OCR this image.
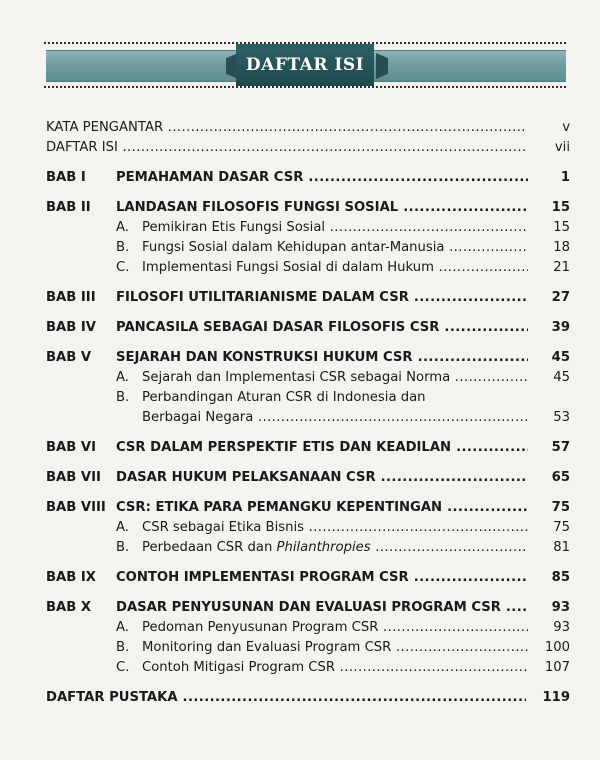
DAFTAR ISI
KATA PENGANTAR .....	v
DAFTAR ISI .....	vii
BAB I PEMAHAMAN DASAR CSR .....	1
BAB II LANDASAN FILOSOFIS FUNGSI SOSIAL .....	15
A. Pemikiran Etis Fungsi Sosial .....	15
B. Fungsi Sosial dalam Kehidupan antar-Manusia .....	18
C. Implementasi Fungsi Sosial di dalam Hukum .....	21
BAB III FILOSOFI UTILITARIANISME DALAM CSR .....	27
BAB IV PANCASILA SEBAGAI DASAR FILOSOFIS CSR .....	39
BAB V SEJARAH DAN KONSTRUKSI HUKUM CSR .....	45
A. Sejarah dan Implementasi CSR sebagai Norma .....	45
B. Perbandingan Aturan CSR di Indonesia dan
Berbagai Negara .....	53
BAB VI CSR DALAM PERSPEKTIF ETIS DAN KEADILAN .....	57
BAB VII DASAR HUKUM PELAKSANAAN CSR .....	65
BAB VIII CSR: ETIKA PARA PEMANGKU KEPENTINGAN .....	75
A. CSR sebagai Etika Bisnis .....	75
B. Perbedaan CSR dan Philanthropies .....	81
BAB IX CONTOH IMPLEMENTASI PROGRAM CSR .....	85
BAB X DASAR PENYUSUNAN DAN EVALUASI PROGRAM CSR .....	93
A. Pedoman Penyusunan Program CSR .....	93
B. Monitoring dan Evaluasi Program CSR .....	100
C. Contoh Mitigasi Program CSR .....	107
DAFTAR PUSTAKA .....	119
